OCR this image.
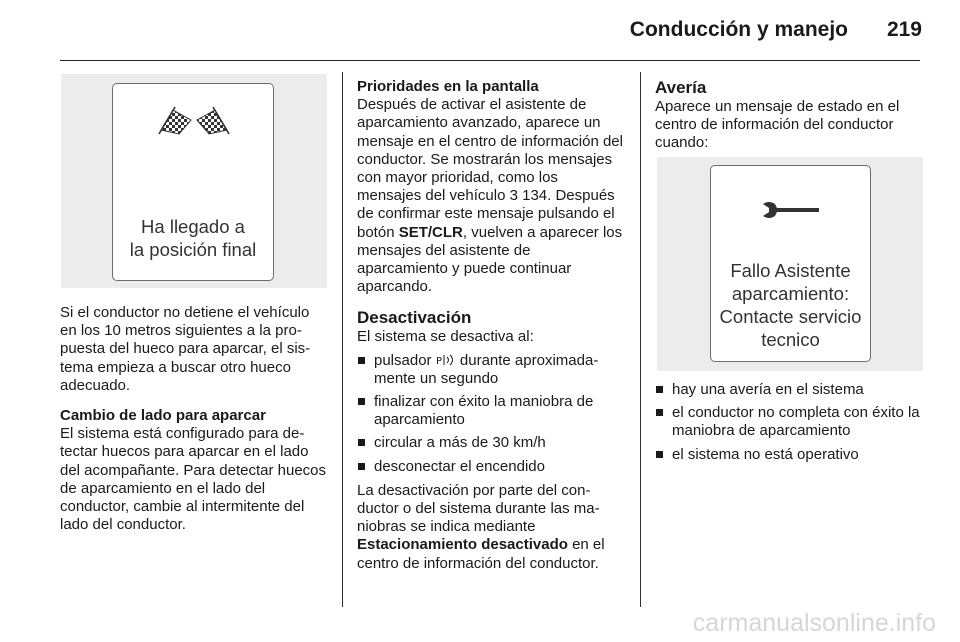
Conducción y manejo 219
Ha llegado a
la posición final

Si el conductor no detiene el vehículo en los 10 metros siguientes a la propuesta del hueco para aparcar, el sistema empieza a buscar otro hueco adecuado.

Cambio de lado para aparcar

El sistema está configurado para detectar huecos para aparcar en el lado del acompañante. Para detectar huecos de aparcamiento en el lado del conductor, cambie al intermitente del lado del conductor.

Prioridades en la pantalla

Después de activar el asistente de aparcamiento avanzado, aparece un mensaje en el centro de información del conductor. Se mostrarán los mensajes con mayor prioridad, como los mensajes del vehículo 3 134. Después de confirmar este mensaje pulsando el botón SET/CLR, vuelven a aparecer los mensajes del asistente de aparcamiento y puede continuar aparcando.

Desactivación
El sistema se desactiva al:
pulsador P durante aproximadamente un segundo
finalizar con éxito la maniobra de aparcamiento
circular a más de 30 km/h
desconectar el encendido

La desactivación por parte del conductor o del sistema durante las maniobras se indica mediante Estacionamiento desactivado en el centro de información del conductor.

Avería

Aparece un mensaje de estado en el centro de información del conductor cuando:

Fallo Asistente
aparcamiento:
Contacte servicio
tecnico
hay una avería en el sistema
el conductor no completa con éxito la maniobra de aparcamiento
el sistema no está operativo
carmanualsonline.info
